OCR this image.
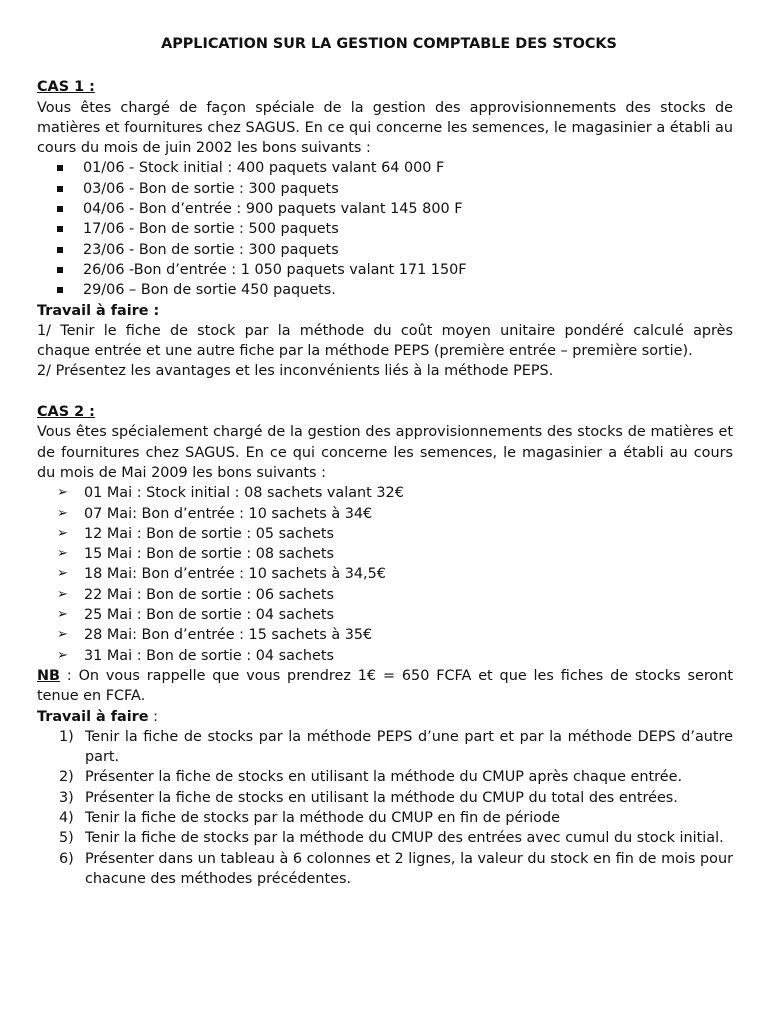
APPLICATION SUR LA GESTION COMPTABLE DES STOCKS
CAS 1 :
Vous êtes chargé de façon spéciale de la gestion des approvisionnements des stocks de matières et fournitures chez SAGUS. En ce qui concerne les semences, le magasinier a établi au cours du mois de juin 2002 les bons suivants :
01/06 - Stock initial : 400 paquets valant 64 000 F
03/06 - Bon de sortie : 300 paquets
04/06 - Bon d’entrée : 900 paquets valant 145 800 F
17/06 - Bon de sortie : 500 paquets
23/06 - Bon de sortie : 300 paquets
26/06 -Bon d’entrée : 1 050 paquets valant 171 150F
29/06 – Bon de sortie 450 paquets.
Travail à faire :
1/ Tenir le fiche de stock par la méthode du coût moyen unitaire pondéré calculé après
chaque entrée et une autre fiche par la méthode PEPS (première entrée – première sortie).
2/ Présentez les avantages et les inconvénients liés à la méthode PEPS.
CAS 2 :
Vous êtes spécialement chargé de la gestion des approvisionnements des stocks de matières et de fournitures chez SAGUS. En ce qui concerne les semences, le magasinier a établi au cours du mois de Mai 2009 les bons suivants :
➢ 01 Mai : Stock initial : 08 sachets valant 32€
➢ 07 Mai: Bon d’entrée : 10 sachets à 34€
➢ 12 Mai : Bon de sortie : 05 sachets
➢ 15 Mai : Bon de sortie : 08 sachets
➢ 18 Mai: Bon d’entrée : 10 sachets à 34,5€
➢ 22 Mai : Bon de sortie : 06 sachets
➢ 25 Mai : Bon de sortie : 04 sachets
➢ 28 Mai: Bon d’entrée : 15 sachets à 35€
➢ 31 Mai : Bon de sortie : 04 sachets
NB : On vous rappelle que vous prendrez 1€ = 650 FCFA et que les fiches de stocks seront tenue en FCFA.
Travail à faire :
1) Tenir la fiche de stocks par la méthode PEPS d’une part et par la méthode DEPS d’autre part.
2) Présenter la fiche de stocks en utilisant la méthode du CMUP après chaque entrée.
3) Présenter la fiche de stocks en utilisant la méthode du CMUP du total des entrées.
4) Tenir la fiche de stocks par la méthode du CMUP en fin de période
5) Tenir la fiche de stocks par la méthode du CMUP des entrées avec cumul du stock initial.
6) Présenter dans un tableau à 6 colonnes et 2 lignes, la valeur du stock en fin de mois pour chacune des méthodes précédentes.
